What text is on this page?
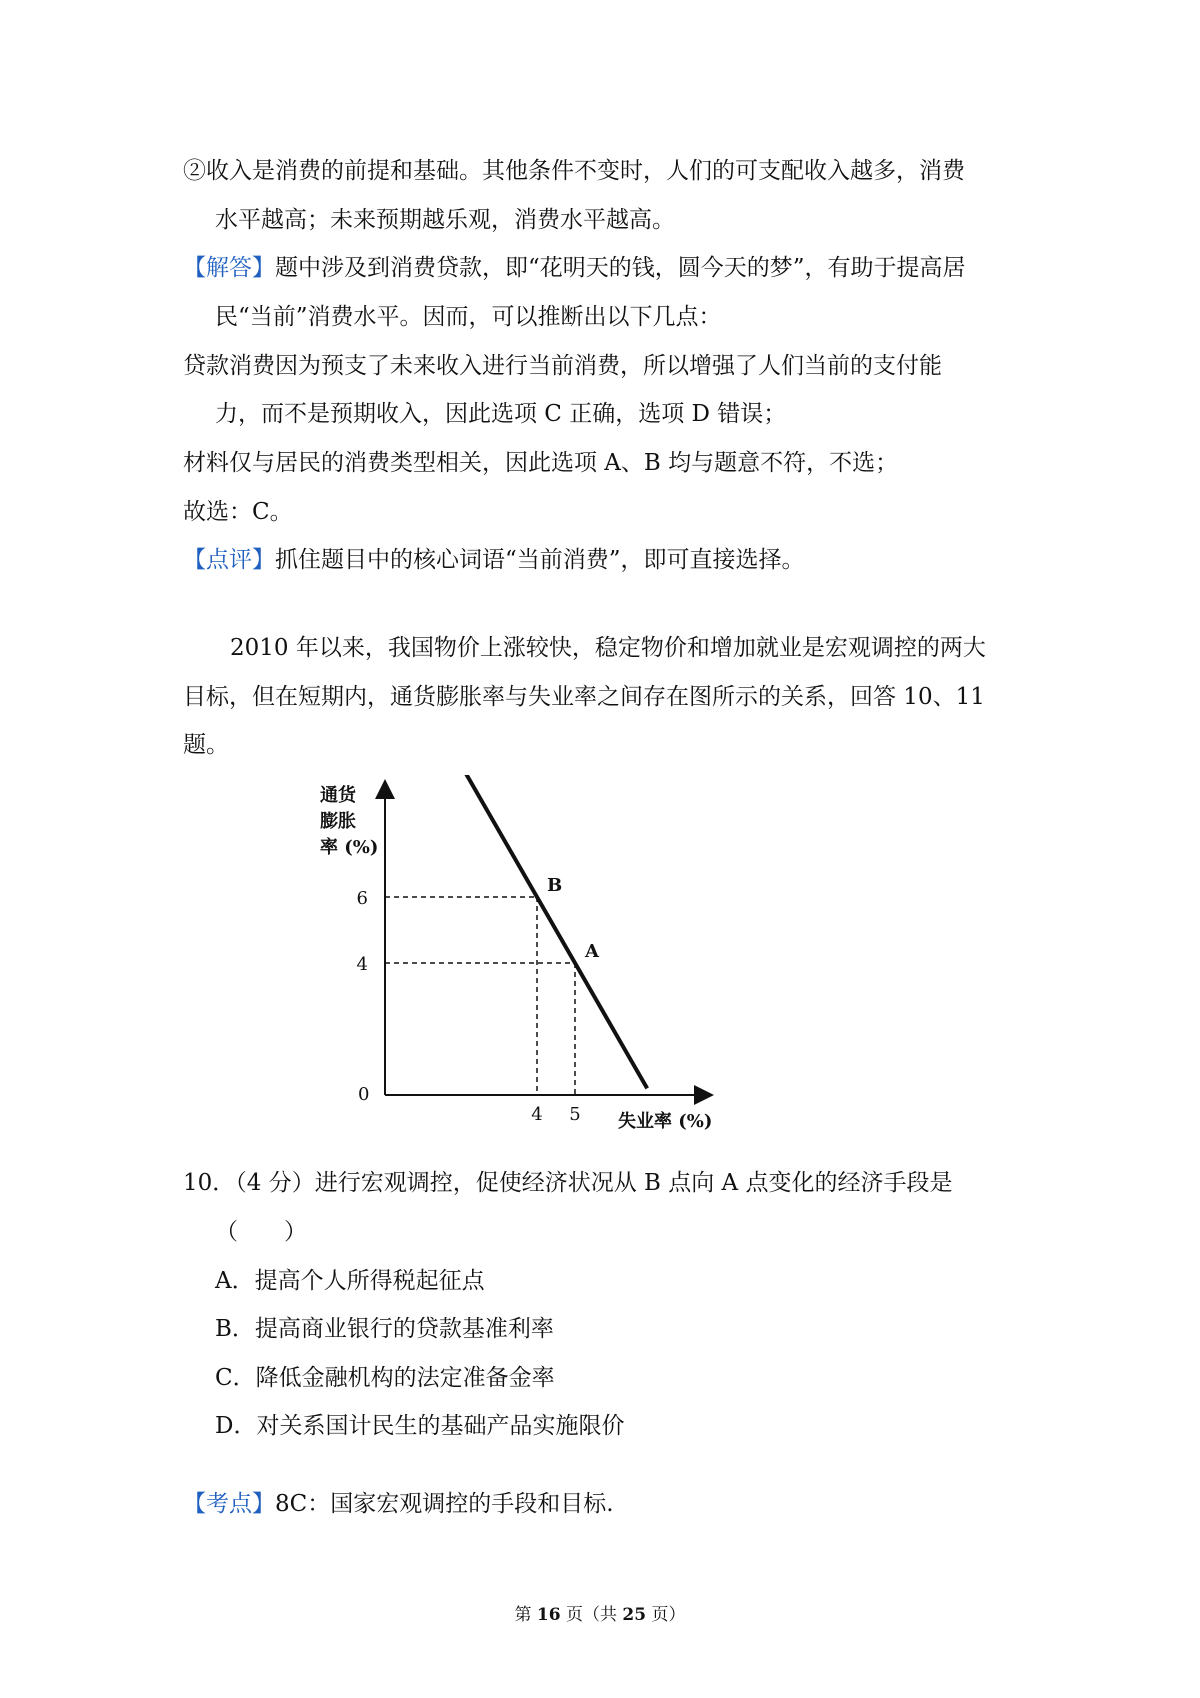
②收入是消费的前提和基础。其他条件不变时，人们的可支配收入越多，消费
水平越高；未来预期越乐观，消费水平越高。
【解答】题中涉及到消费贷款，即“花明天的钱，圆今天的梦”，有助于提高居
民“当前”消费水平。因而，可以推断出以下几点：
贷款消费因为预支了未来收入进行当前消费，所以增强了人们当前的支付能
力，而不是预期收入，因此选项 C 正确，选项 D 错误；
材料仅与居民的消费类型相关，因此选项 A、B 均与题意不符，不选；
故选：C。
【点评】抓住题目中的核心词语“当前消费”，即可直接选择。
2010 年以来，我国物价上涨较快，稳定物价和增加就业是宏观调控的两大
目标，但在短期内，通货膨胀率与失业率之间存在图所示的关系，回答 10、11
题。
通货 膨胀 率 (%)
失业率 (%)
0
B
A
4 5
6
4
10．（4 分）进行宏观调控，促使经济状况从 B 点向 A 点变化的经济手段是
（　　）
A．提高个人所得税起征点
B．提高商业银行的贷款基准利率
C．降低金融机构的法定准备金率
D．对关系国计民生的基础产品实施限价
【考点】8C：国家宏观调控的手段和目标.
第 16 页（共 25 页）
